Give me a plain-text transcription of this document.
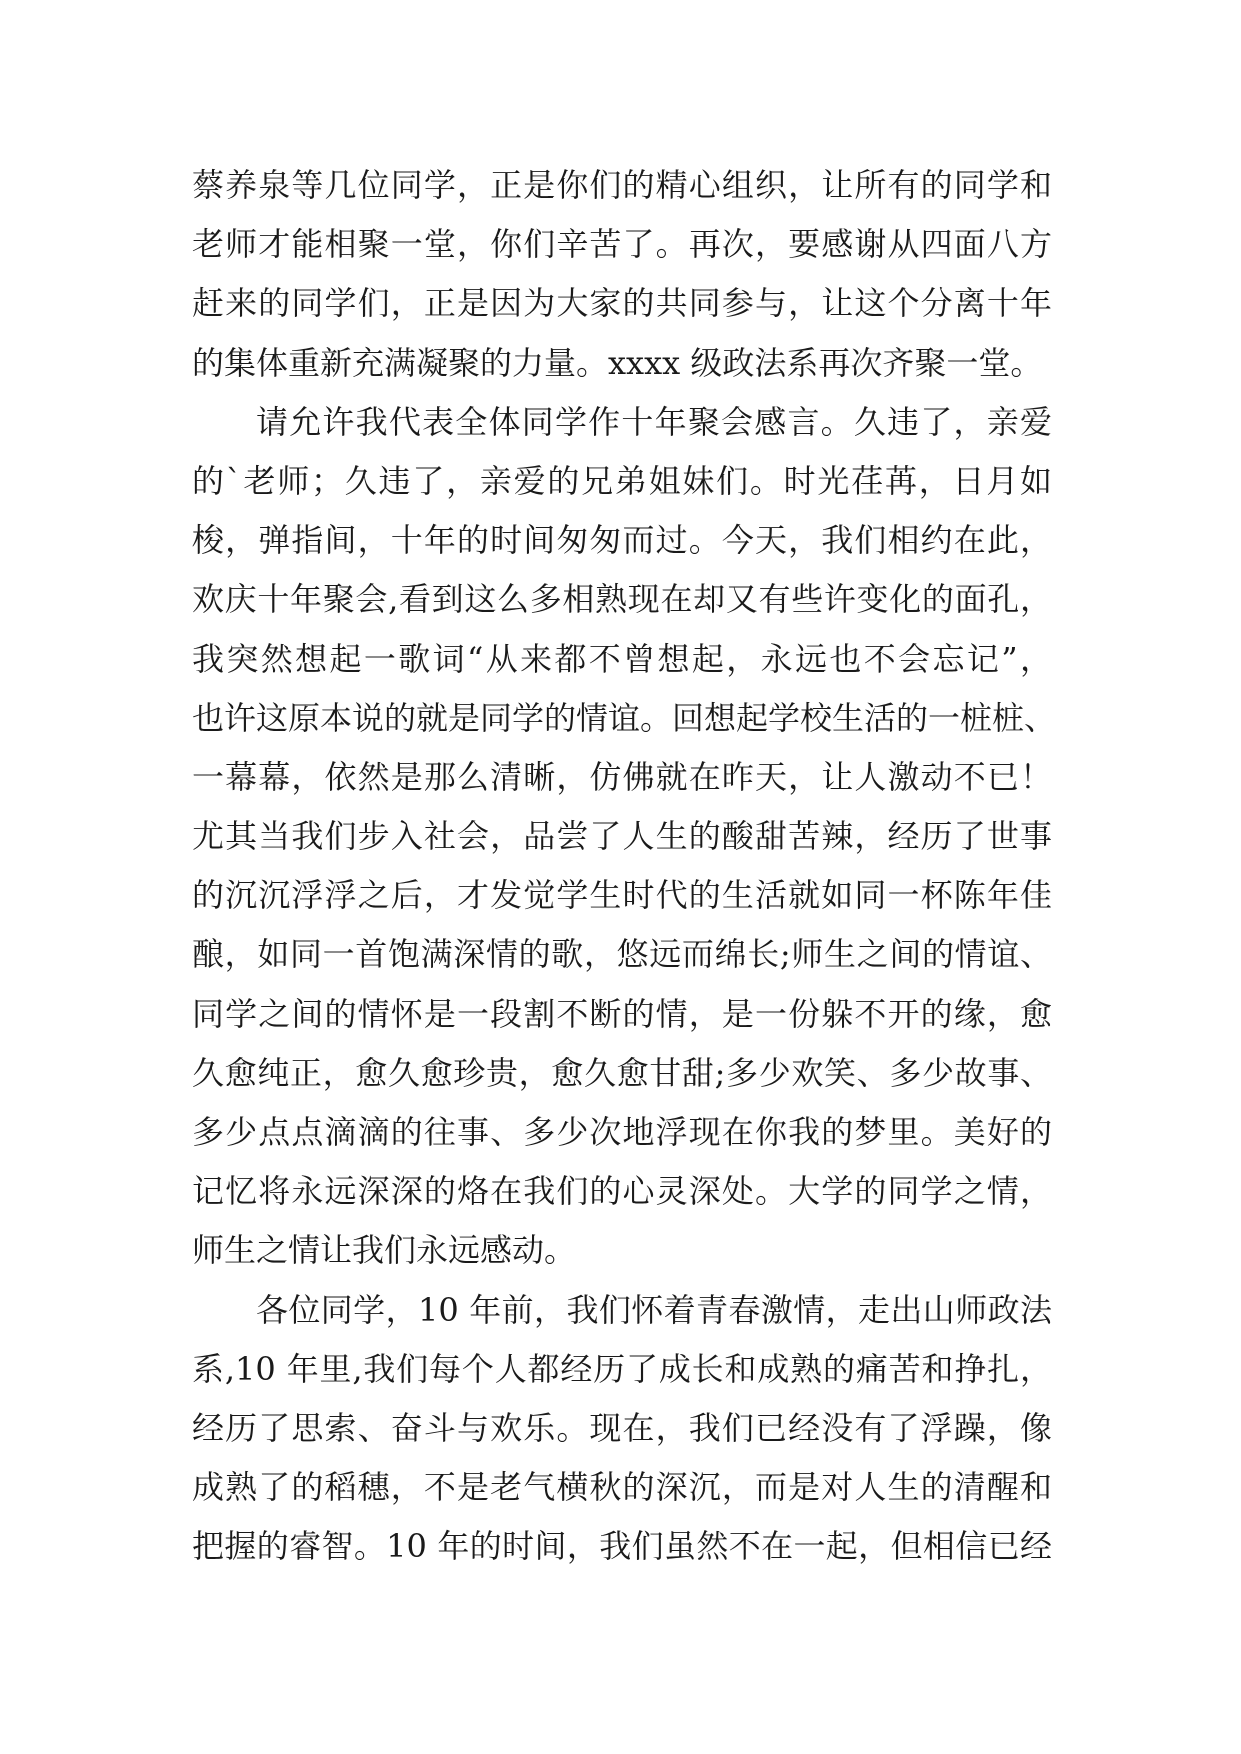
蔡养泉等几位同学，正是你们的精心组织，让所有的同学和
老师才能相聚一堂，你们辛苦了。再次，要感谢从四面八方
赶来的同学们，正是因为大家的共同参与，让这个分离十年
的集体重新充满凝聚的力量。xxxx 级政法系再次齐聚一堂。
请允许我代表全体同学作十年聚会感言。久违了，亲爱
的`老师；久违了，亲爱的兄弟姐妹们。时光荏苒，日月如
梭，弹指间，十年的时间匆匆而过。今天，我们相约在此，
欢庆十年聚会,看到这么多相熟现在却又有些许变化的面孔，
我突然想起一歌词“从来都不曾想起，永远也不会忘记”，
也许这原本说的就是同学的情谊。回想起学校生活的一桩桩、
一幕幕，依然是那么清晰，仿佛就在昨天，让人激动不已！
尤其当我们步入社会，品尝了人生的酸甜苦辣，经历了世事
的沉沉浮浮之后，才发觉学生时代的生活就如同一杯陈年佳
酿，如同一首饱满深情的歌，悠远而绵长;师生之间的情谊、
同学之间的情怀是一段割不断的情，是一份躲不开的缘，愈
久愈纯正，愈久愈珍贵，愈久愈甘甜;多少欢笑、多少故事、
多少点点滴滴的往事、多少次地浮现在你我的梦里。美好的
记忆将永远深深的烙在我们的心灵深处。大学的同学之情，
师生之情让我们永远感动。
各位同学，10 年前，我们怀着青春激情，走出山师政法
系,10 年里,我们每个人都经历了成长和成熟的痛苦和挣扎，
经历了思索、奋斗与欢乐。现在，我们已经没有了浮躁，像
成熟了的稻穗，不是老气横秋的深沉，而是对人生的清醒和
把握的睿智。10 年的时间，我们虽然不在一起，但相信已经
